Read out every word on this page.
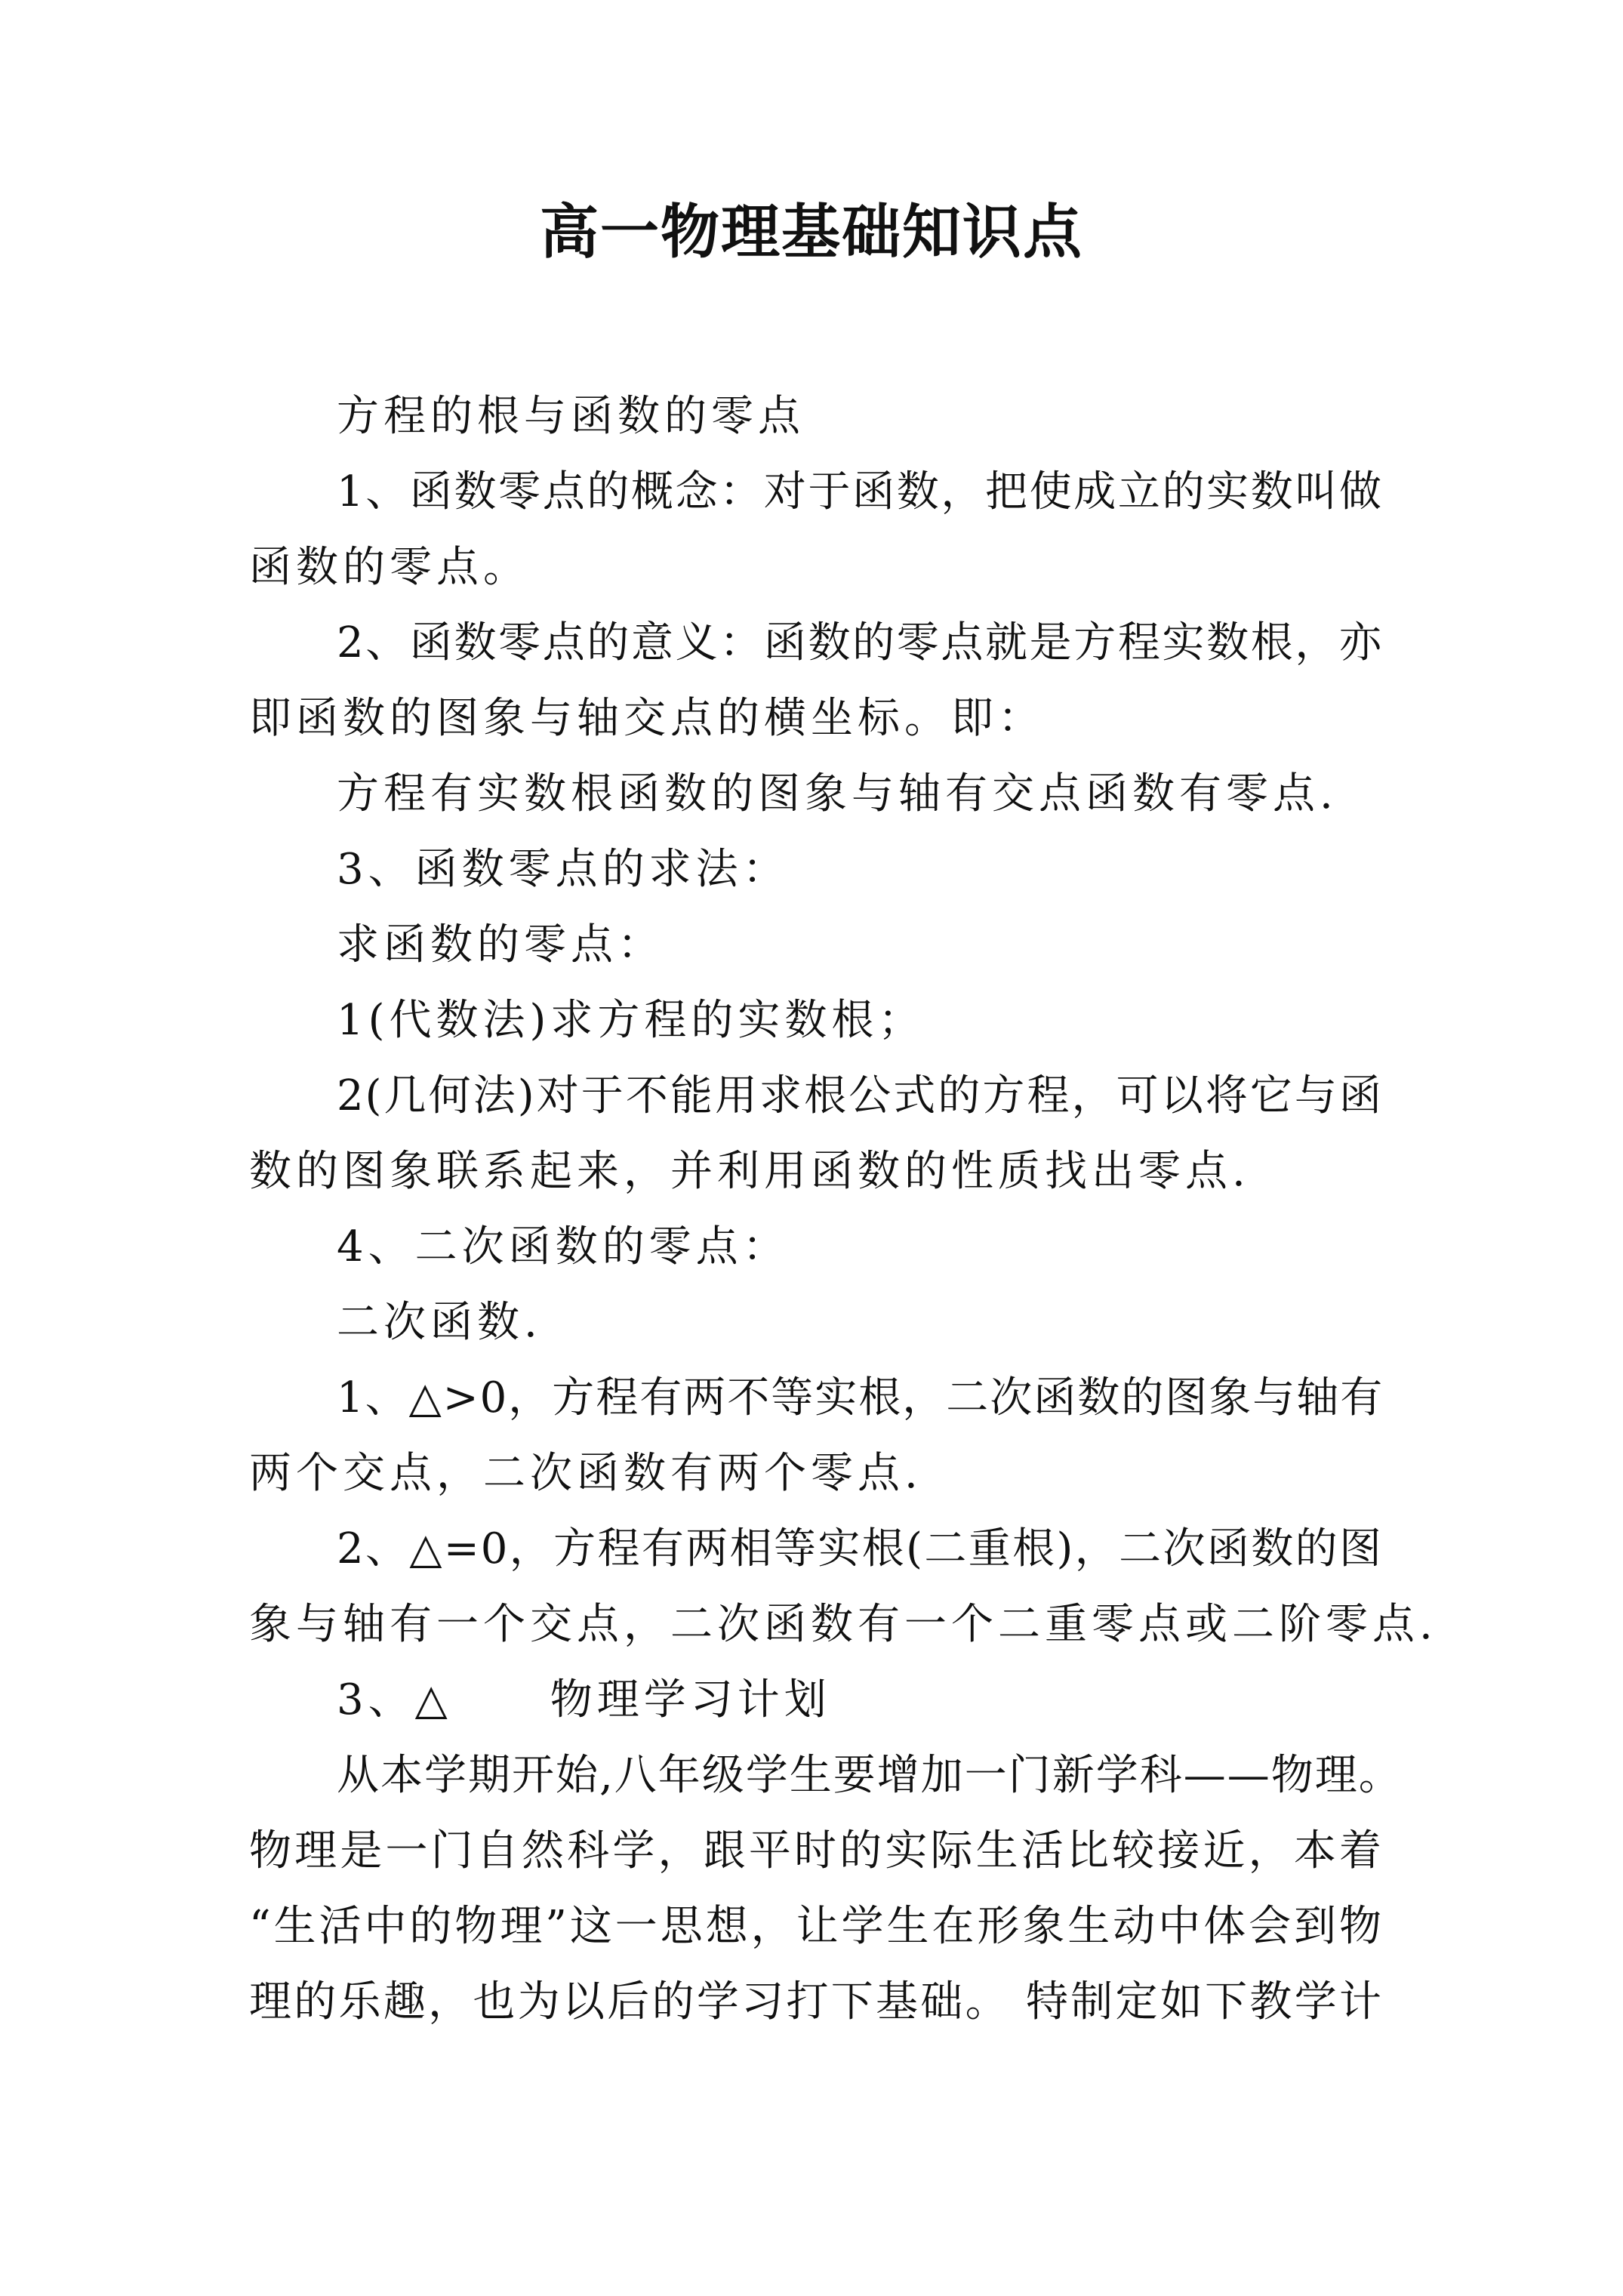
高一物理基础知识点
方程的根与函数的零点
1、函数零点的概念：对于函数，把使成立的实数叫做
函数的零点。
2、函数零点的意义：函数的零点就是方程实数根，亦
即函数的图象与轴交点的横坐标。即：
方程有实数根函数的图象与轴有交点函数有零点.
3、函数零点的求法：
求函数的零点：
1(代数法)求方程的实数根；
2(几何法)对于不能用求根公式的方程，可以将它与函
数的图象联系起来，并利用函数的性质找出零点.
4、二次函数的零点：
二次函数.
1、△>0，方程有两不等实根，二次函数的图象与轴有
两个交点，二次函数有两个零点.
2、△=0，方程有两相等实根(二重根)，二次函数的图
象与轴有一个交点，二次函数有一个二重零点或二阶零点.
3、△ 物理学习计划
从本学期开始,八年级学生要增加一门新学科——物理。
物理是一门自然科学，跟平时的实际生活比较接近，本着
“生活中的物理”这一思想，让学生在形象生动中体会到物
理的乐趣，也为以后的学习打下基础。 特制定如下教学计
